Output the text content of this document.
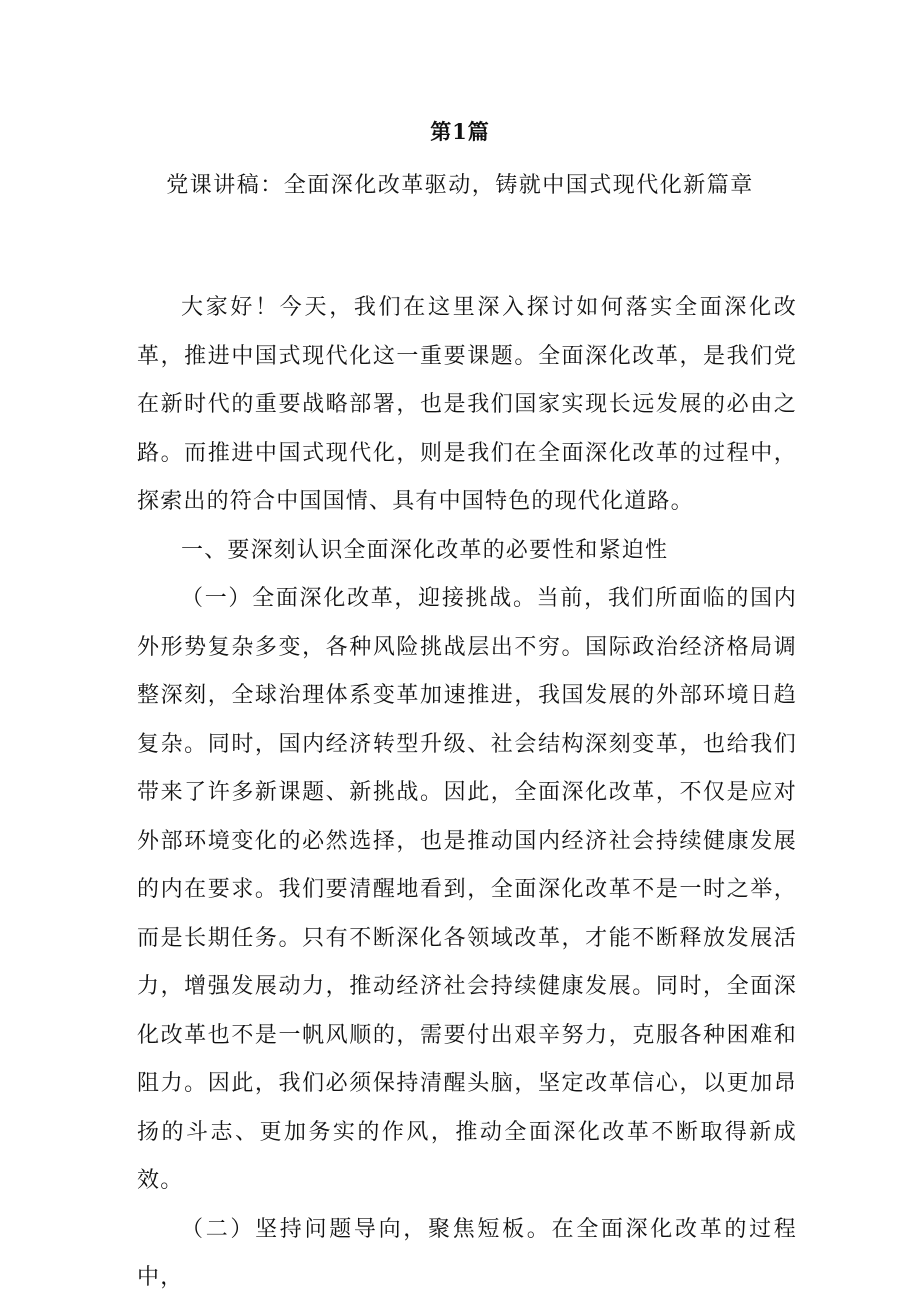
第1篇
党课讲稿：全面深化改革驱动，铸就中国式现代化新篇章

大家好！今天，我们在这里深入探讨如何落实全面深化改革，推进中国式现代化这一重要课题。全面深化改革，是我们党在新时代的重要战略部署，也是我们国家实现长远发展的必由之路。而推进中国式现代化，则是我们在全面深化改革的过程中，探索出的符合中国国情、具有中国特色的现代化道路。

一、要深刻认识全面深化改革的必要性和紧迫性

（一）全面深化改革，迎接挑战。当前，我们所面临的国内外形势复杂多变，各种风险挑战层出不穷。国际政治经济格局调整深刻，全球治理体系变革加速推进，我国发展的外部环境日趋复杂。同时，国内经济转型升级、社会结构深刻变革，也给我们带来了许多新课题、新挑战。因此，全面深化改革，不仅是应对外部环境变化的必然选择，也是推动国内经济社会持续健康发展的内在要求。我们要清醒地看到，全面深化改革不是一时之举，而是长期任务。只有不断深化各领域改革，才能不断释放发展活力，增强发展动力，推动经济社会持续健康发展。同时，全面深化改革也不是一帆风顺的，需要付出艰辛努力，克服各种困难和阻力。因此，我们必须保持清醒头脑，坚定改革信心，以更加昂扬的斗志、更加务实的作风，推动全面深化改革不断取得新成效。

（二）坚持问题导向，聚焦短板。在全面深化改革的过程中，
